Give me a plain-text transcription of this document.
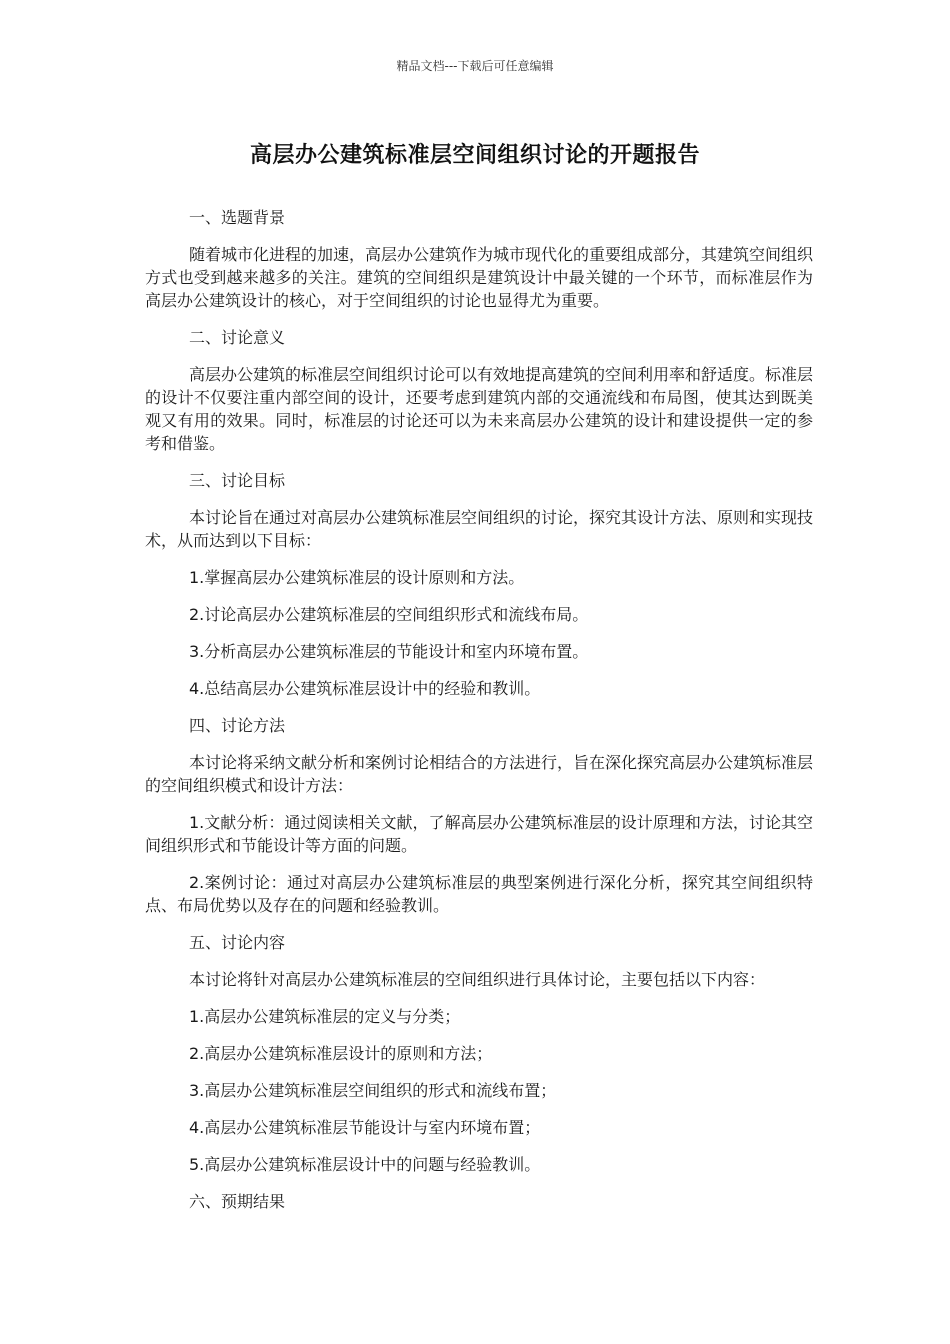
精品文档---下载后可任意编辑
高层办公建筑标准层空间组织讨论的开题报告

一、选题背景

随着城市化进程的加速，高层办公建筑作为城市现代化的重要组成部分，其建筑空间组织方式也受到越来越多的关注。建筑的空间组织是建筑设计中最关键的一个环节，而标准层作为高层办公建筑设计的核心，对于空间组织的讨论也显得尤为重要。

二、讨论意义

高层办公建筑的标准层空间组织讨论可以有效地提高建筑的空间利用率和舒适度。标准层的设计不仅要注重内部空间的设计，还要考虑到建筑内部的交通流线和布局图，使其达到既美观又有用的效果。同时，标准层的讨论还可以为未来高层办公建筑的设计和建设提供一定的参考和借鉴。

三、讨论目标

本讨论旨在通过对高层办公建筑标准层空间组织的讨论，探究其设计方法、原则和实现技术，从而达到以下目标：

1.掌握高层办公建筑标准层的设计原则和方法。

2.讨论高层办公建筑标准层的空间组织形式和流线布局。

3.分析高层办公建筑标准层的节能设计和室内环境布置。

4.总结高层办公建筑标准层设计中的经验和教训。

四、讨论方法

本讨论将采纳文献分析和案例讨论相结合的方法进行，旨在深化探究高层办公建筑标准层的空间组织模式和设计方法：

1.文献分析：通过阅读相关文献，了解高层办公建筑标准层的设计原理和方法，讨论其空间组织形式和节能设计等方面的问题。

2.案例讨论：通过对高层办公建筑标准层的典型案例进行深化分析，探究其空间组织特点、布局优势以及存在的问题和经验教训。

五、讨论内容

本讨论将针对高层办公建筑标准层的空间组织进行具体讨论，主要包括以下内容：

1.高层办公建筑标准层的定义与分类；

2.高层办公建筑标准层设计的原则和方法；

3.高层办公建筑标准层空间组织的形式和流线布置；

4.高层办公建筑标准层节能设计与室内环境布置；

5.高层办公建筑标准层设计中的问题与经验教训。

六、预期结果
